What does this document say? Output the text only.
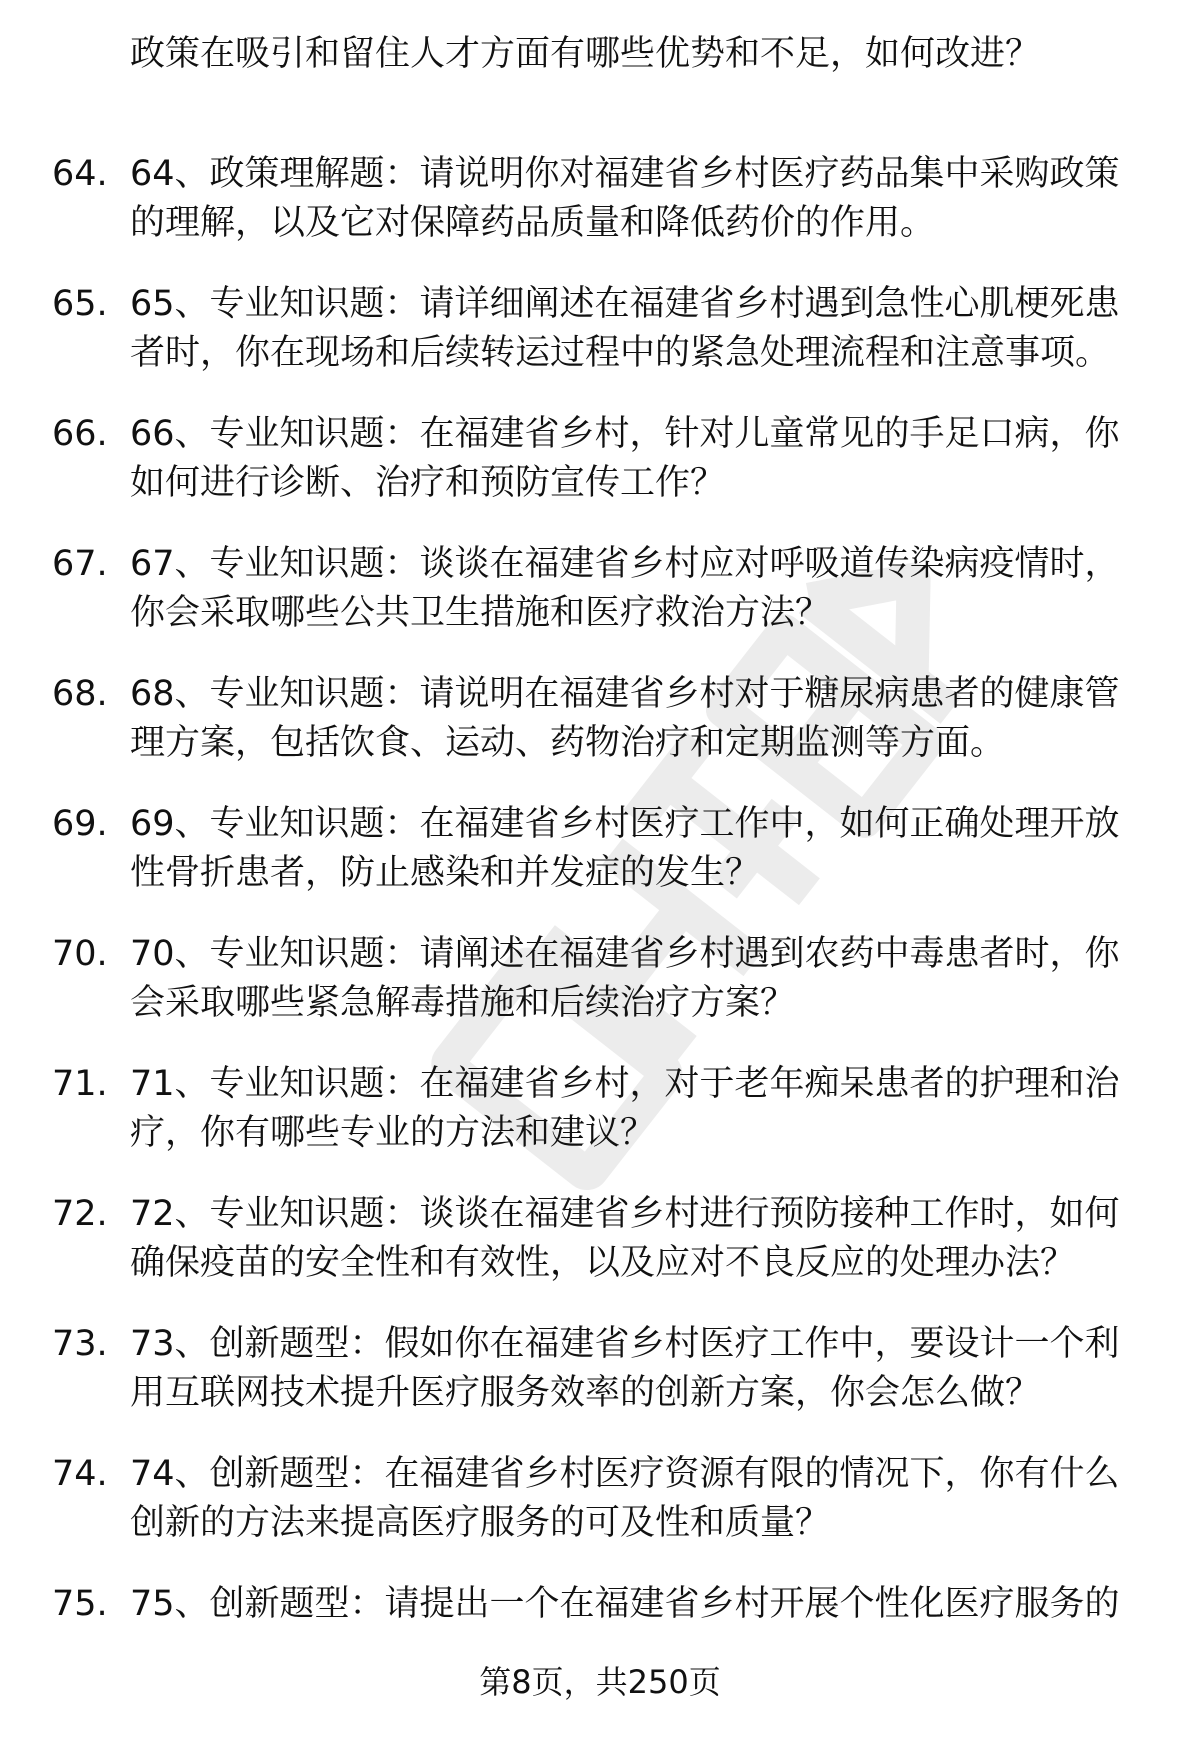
政策在吸引和留住人才方面有哪些优势和不足，如何改进？

64. 64、政策理解题：请说明你对福建省乡村医疗药品集中采购政策的理解，以及它对保障药品质量和降低药价的作用。
65. 65、专业知识题：请详细阐述在福建省乡村遇到急性心肌梗死患者时，你在现场和后续转运过程中的紧急处理流程和注意事项。
66. 66、专业知识题：在福建省乡村，针对儿童常见的手足口病，你如何进行诊断、治疗和预防宣传工作？
67. 67、专业知识题：谈谈在福建省乡村应对呼吸道传染病疫情时，你会采取哪些公共卫生措施和医疗救治方法？
68. 68、专业知识题：请说明在福建省乡村对于糖尿病患者的健康管理方案，包括饮食、运动、药物治疗和定期监测等方面。
69. 69、专业知识题：在福建省乡村医疗工作中，如何正确处理开放性骨折患者，防止感染和并发症的发生？
70. 70、专业知识题：请阐述在福建省乡村遇到农药中毒患者时，你会采取哪些紧急解毒措施和后续治疗方案？
71. 71、专业知识题：在福建省乡村，对于老年痴呆患者的护理和治疗，你有哪些专业的方法和建议？
72. 72、专业知识题：谈谈在福建省乡村进行预防接种工作时，如何确保疫苗的安全性和有效性，以及应对不良反应的处理办法？
73. 73、创新题型：假如你在福建省乡村医疗工作中，要设计一个利用互联网技术提升医疗服务效率的创新方案，你会怎么做？
74. 74、创新题型：在福建省乡村医疗资源有限的情况下，你有什么创新的方法来提高医疗服务的可及性和质量？
75. 75、创新题型：请提出一个在福建省乡村开展个性化医疗服务的
第8页，共250页
